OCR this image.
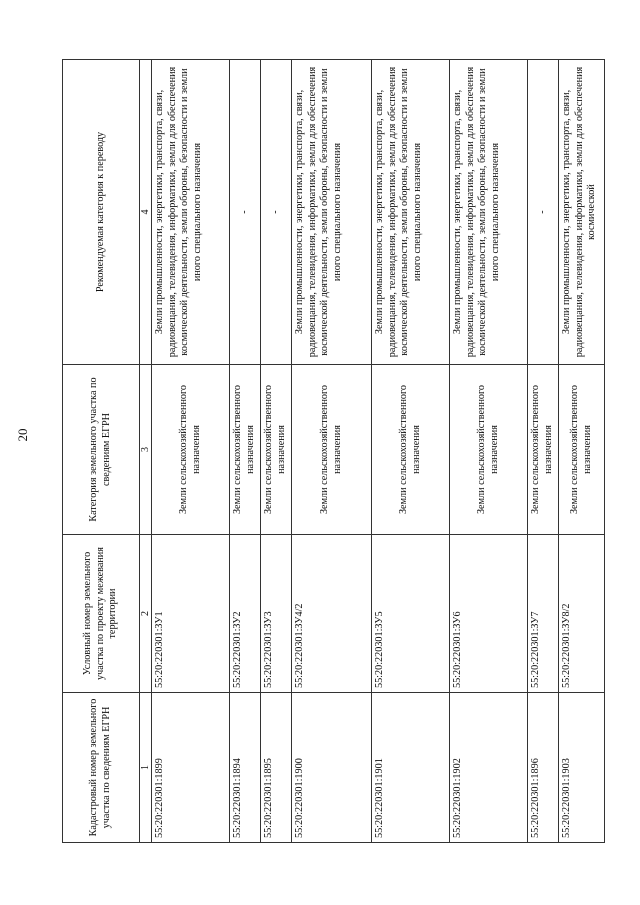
20
Кадастровый номер земельного участка по сведениям ЕГРН	Условный номер земельного участка по проекту межевания территории	Категория земельного участка по сведениям ЕГРН	Рекомендуемая категория к переводу
1	2	3	4
55:20:220301:1899	55:20:220301:ЗУ1	Земли сельскохозяйственного назначения	Земли промышленности, энергетики, транспорта, связи, радиовещания, телевидения, информатики, земли для обеспечения космической деятельности, земли обороны, безопасности и земли иного специального назначения
55:20:220301:1894	55:20:220301:ЗУ2	Земли сельскохозяйственного назначения	-
55:20:220301:1895	55:20:220301:ЗУ3	Земли сельскохозяйственного назначения	-
55:20:220301:1900	55:20:220301:ЗУ4/2	Земли сельскохозяйственного назначения	Земли промышленности, энергетики, транспорта, связи, радиовещания, телевидения, информатики, земли для обеспечения космической деятельности, земли обороны, безопасности и земли иного специального назначения
55:20:220301:1901	55:20:220301:ЗУ5	Земли сельскохозяйственного назначения	Земли промышленности, энергетики, транспорта, связи, радиовещания, телевидения, информатики, земли для обеспечения космической деятельности, земли обороны, безопасности и земли иного специального назначения
55:20:220301:1902	55:20:220301:ЗУ6	Земли сельскохозяйственного назначения	Земли промышленности, энергетики, транспорта, связи, радиовещания, телевидения, информатики, земли для обеспечения космической деятельности, земли обороны, безопасности и земли иного специального назначения
55:20:220301:1896	55:20:220301:ЗУ7	Земли сельскохозяйственного назначения	-
55:20:220301:1903	55:20:220301:ЗУ8/2	Земли сельскохозяйственного назначения	Земли промышленности, энергетики, транспорта, связи, радиовещания, телевидения, информатики, земли для обеспечения космической
